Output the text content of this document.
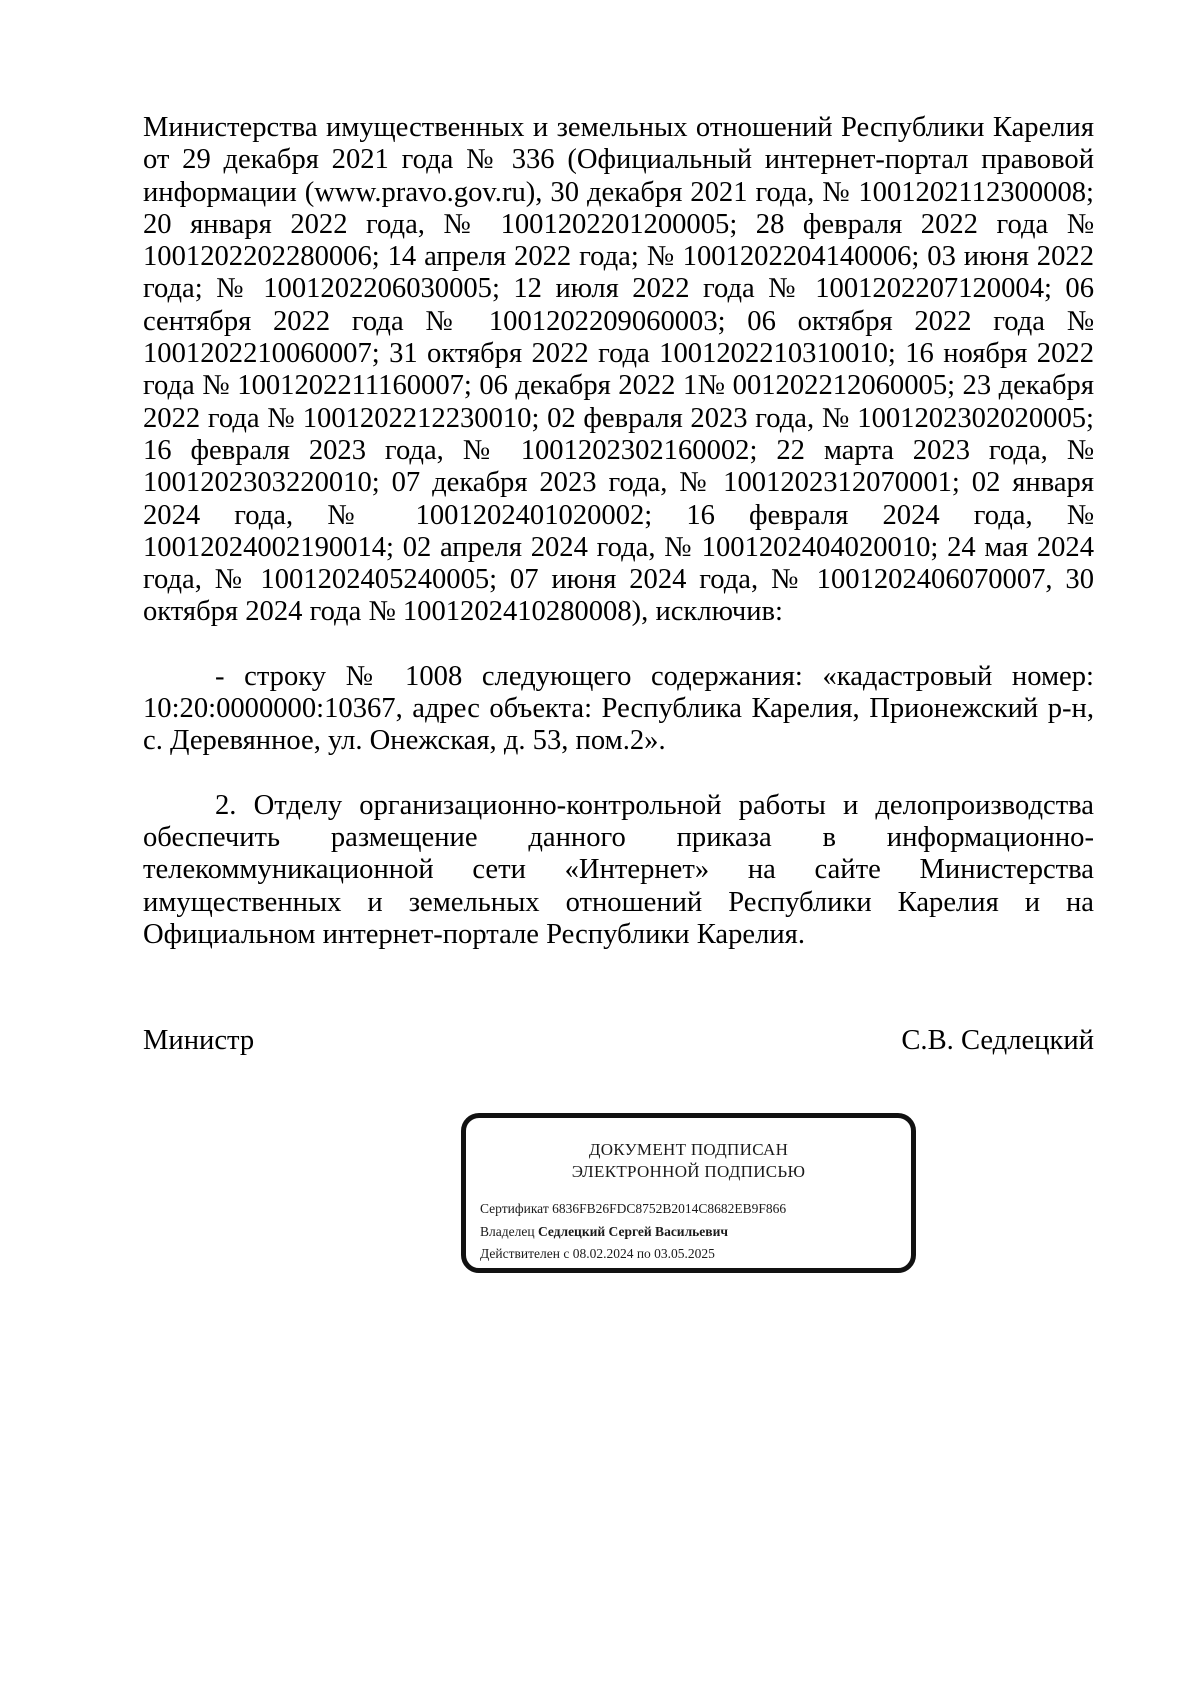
Министерства имущественных и земельных отношений Республики Карелия от 29 декабря 2021 года № 336 (Официальный интернет-портал правовой информации (www.pravo.gov.ru), 30 декабря 2021 года, № 1001202112300008; 20 января 2022 года, № 1001202201200005; 28 февраля 2022 года № 1001202202280006; 14 апреля 2022 года; № 1001202204140006; 03 июня 2022 года; № 1001202206030005; 12 июля 2022 года № 1001202207120004; 06 сентября 2022 года № 1001202209060003; 06 октября 2022 года № 1001202210060007; 31 октября 2022 года 1001202210310010; 16 ноября 2022 года № 1001202211160007; 06 декабря 2022 1№ 001202212060005; 23 декабря 2022 года № 1001202212230010; 02 февраля 2023 года, № 1001202302020005; 16 февраля 2023 года, № 1001202302160002; 22 марта 2023 года, № 1001202303220010; 07 декабря 2023 года, № 1001202312070001; 02 января 2024 года, № 1001202401020002; 16 февраля 2024 года, № 10012024002190014; 02 апреля 2024 года, № 1001202404020010; 24 мая 2024 года, № 1001202405240005; 07 июня 2024 года, № 1001202406070007, 30 октября 2024 года № 1001202410280008), исключив:

- строку № 1008 следующего содержания: «кадастровый номер: 10:20:0000000:10367, адрес объекта: Республика Карелия, Прионежский р-н, с. Деревянное, ул. Онежская, д. 53, пом.2».

2. Отделу организационно-контрольной работы и делопроизводства обеспечить размещение данного приказа в информационно-телекоммуникационной сети «Интернет» на сайте Министерства имущественных и земельных отношений Республики Карелия и на Официальном интернет-портале Республики Карелия.

Министр	С.В. Седлецкий
ДОКУМЕНТ ПОДПИСАН
ЭЛЕКТРОННОЙ ПОДПИСЬЮ
Сертификат 6836FB26FDC8752B2014C8682EB9F866
Владелец Седлецкий Сергей Васильевич
Действителен с 08.02.2024 по 03.05.2025
